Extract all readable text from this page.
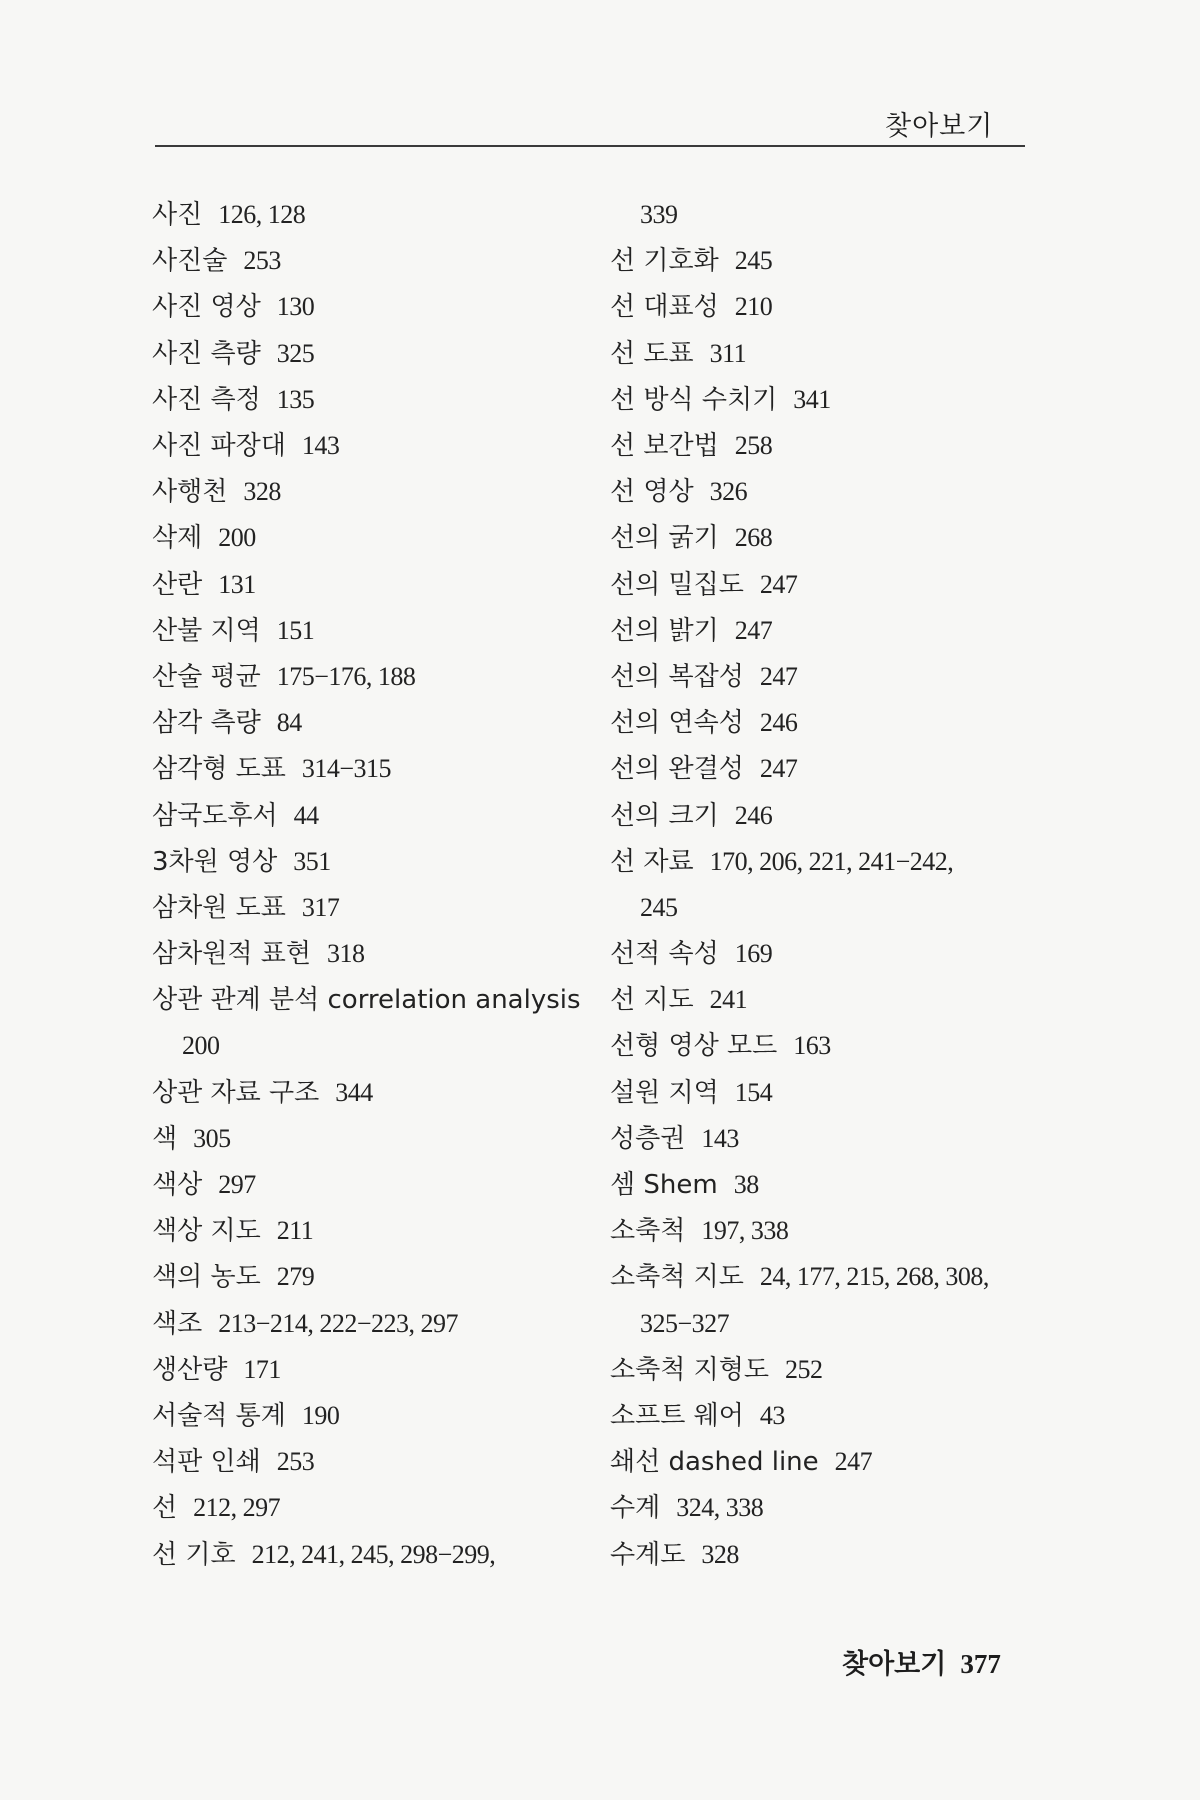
찾아보기
사진 126, 128
사진술 253
사진 영상 130
사진 측량 325
사진 측정 135
사진 파장대 143
사행천 328
삭제 200
산란 131
산불 지역 151
산술 평균 175−176, 188
삼각 측량 84
삼각형 도표 314−315
삼국도후서 44
3차원 영상 351
삼차원 도표 317
삼차원적 표현 318
상관 관계 분석 correlation analysis
200
상관 자료 구조 344
색 305
색상 297
색상 지도 211
색의 농도 279
색조 213−214, 222−223, 297
생산량 171
서술적 통계 190
석판 인쇄 253
선 212, 297
선 기호 212, 241, 245, 298−299,
339
선 기호화 245
선 대표성 210
선 도표 311
선 방식 수치기 341
선 보간법 258
선 영상 326
선의 굵기 268
선의 밀집도 247
선의 밝기 247
선의 복잡성 247
선의 연속성 246
선의 완결성 247
선의 크기 246
선 자료 170, 206, 221, 241−242,
245
선적 속성 169
선 지도 241
선형 영상 모드 163
설원 지역 154
성층권 143
셈 Shem 38
소축척 197, 338
소축척 지도 24, 177, 215, 268, 308,
325−327
소축척 지형도 252
소프트 웨어 43
쇄선 dashed line 247
수계 324, 338
수계도 328
찾아보기 377
